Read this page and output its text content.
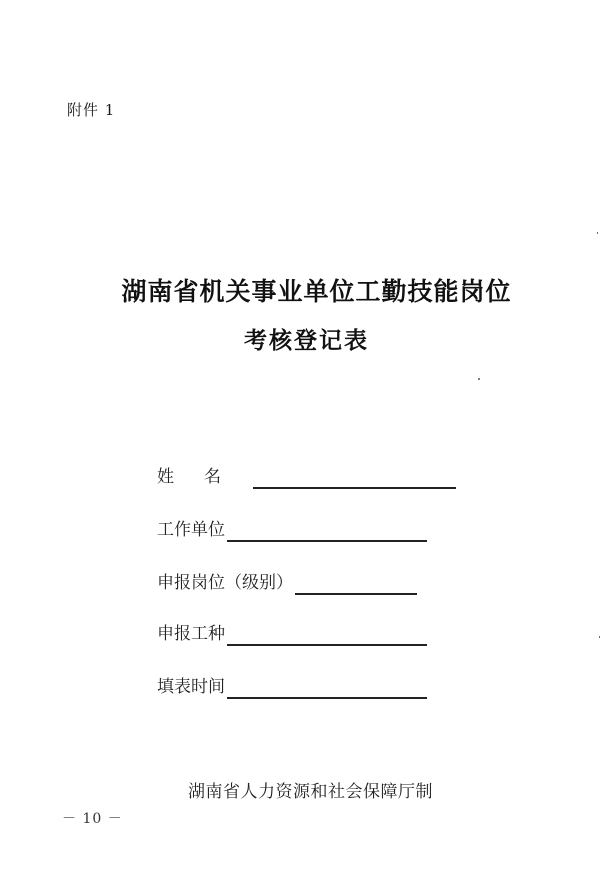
附件 1
湖南省机关事业单位工勤技能岗位
考核登记表
姓名
工作单位
申报岗位（级别）
申报工种
填表时间
湖南省人力资源和社会保障厅制
－ 10 －
